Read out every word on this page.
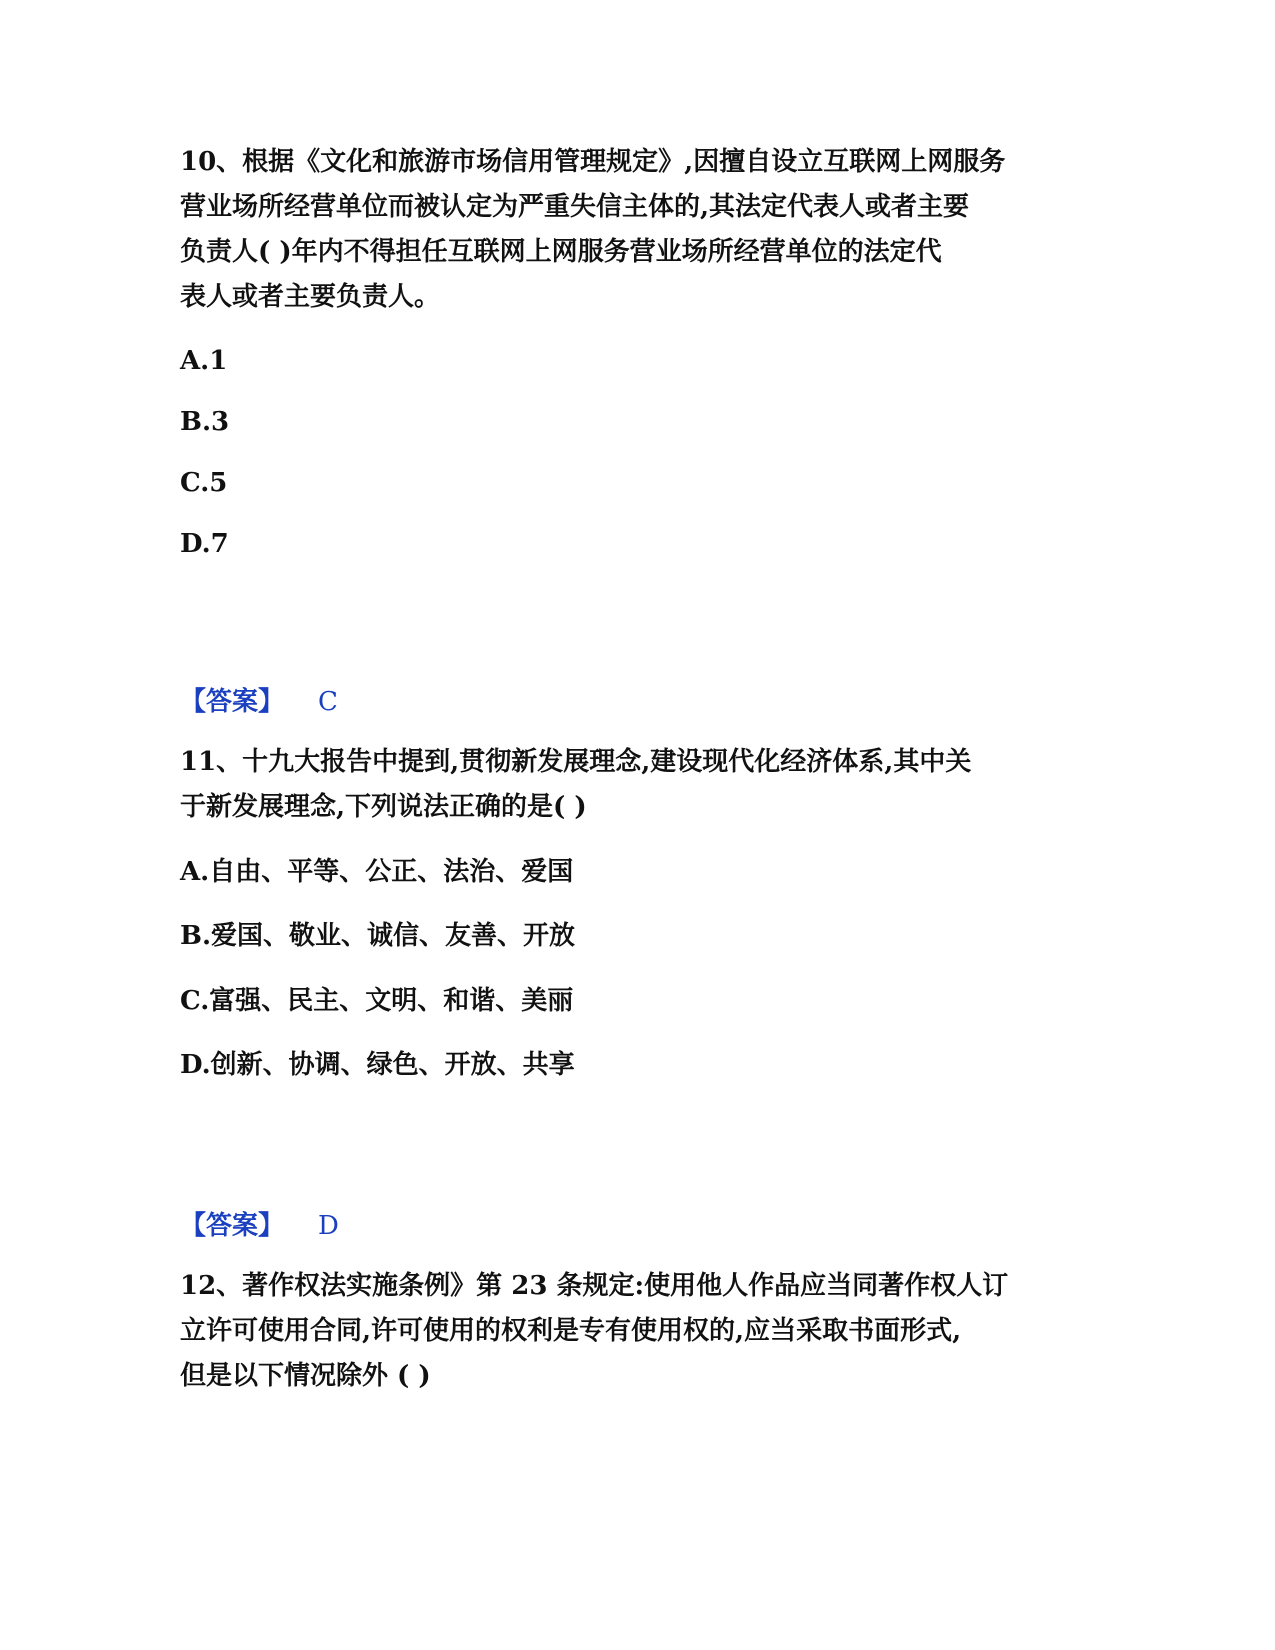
10、根据《文化和旅游市场信用管理规定》,因擅自设立互联网上网服务
营业场所经营单位而被认定为严重失信主体的,其法定代表人或者主要
负责人( )年内不得担任互联网上网服务营业场所经营单位的法定代
表人或者主要负责人。
A.1
B.3
C.5
D.7
【答案】 C
11、十九大报告中提到,贯彻新发展理念,建设现代化经济体系,其中关
于新发展理念,下列说法正确的是( )
A.自由、平等、公正、法治、爱国
B.爱国、敬业、诚信、友善、开放
C.富强、民主、文明、和谐、美丽
D.创新、协调、绿色、开放、共享
【答案】 D
12、著作权法实施条例》第 23 条规定:使用他人作品应当同著作权人订
立许可使用合同,许可使用的权利是专有使用权的,应当采取书面形式,
但是以下情况除外 ( )
